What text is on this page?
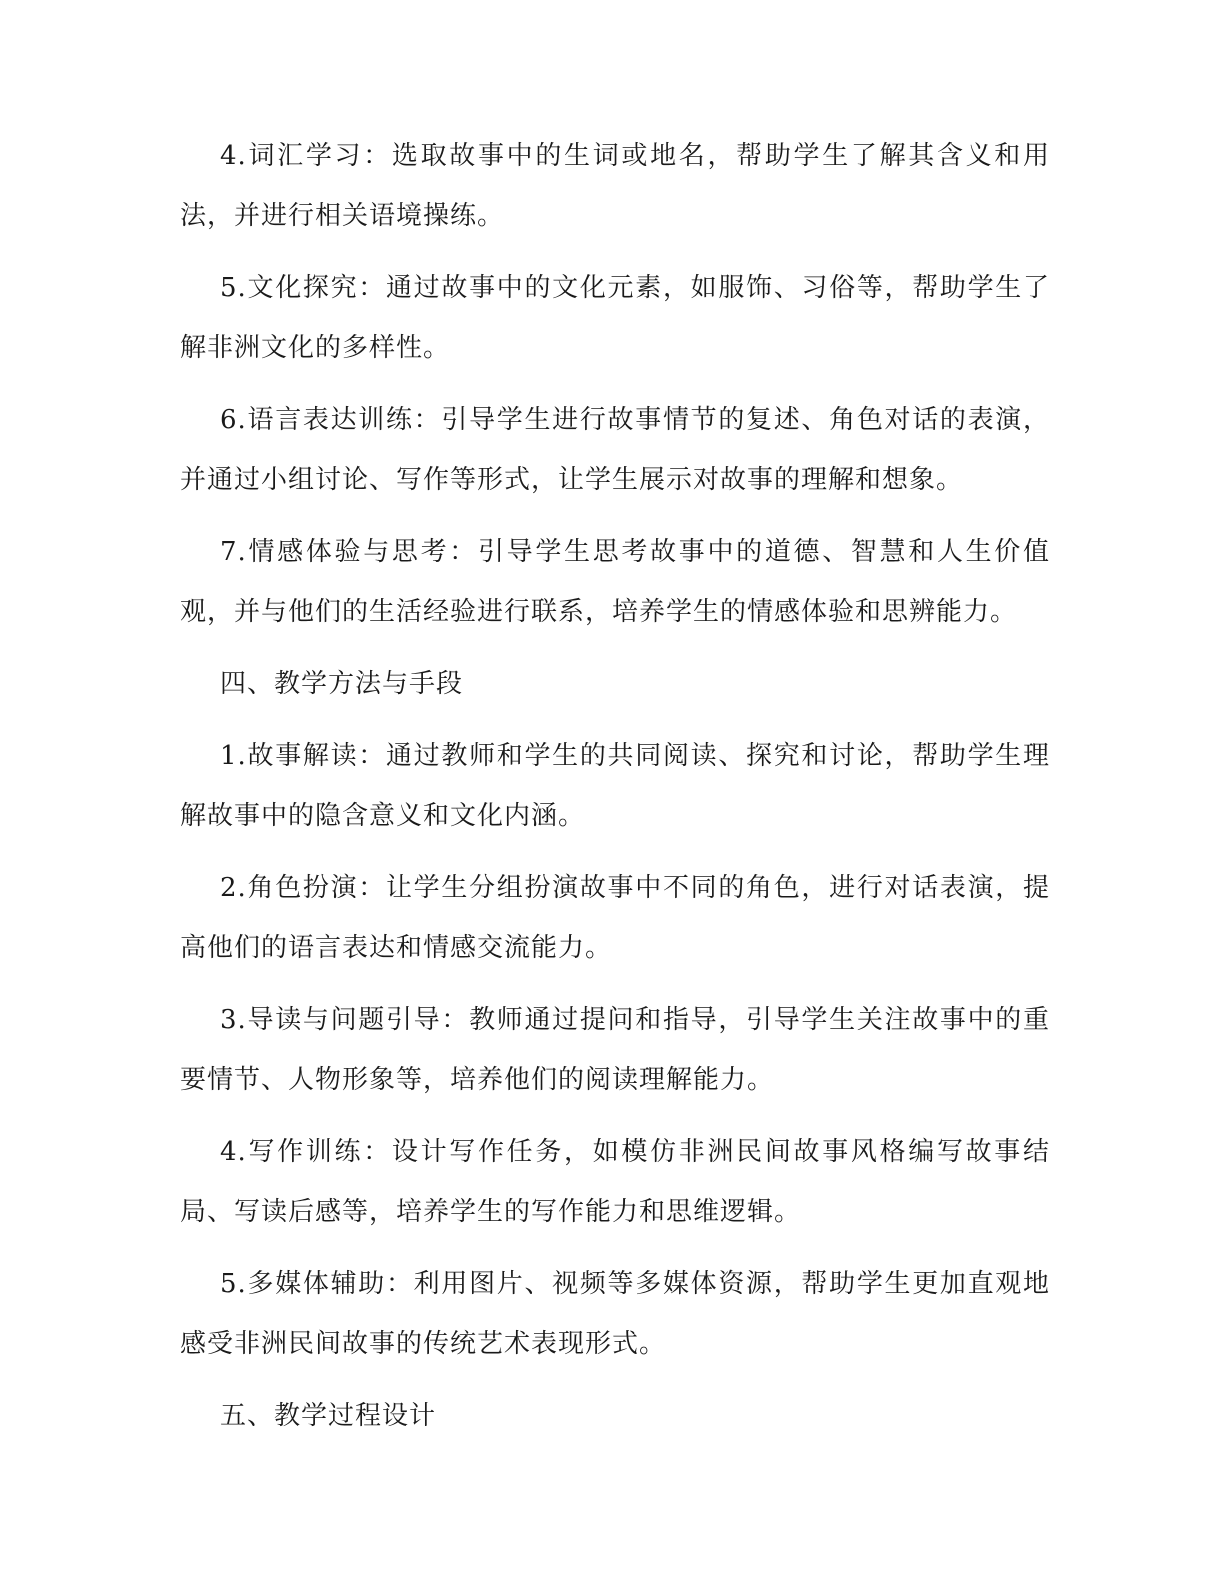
4.词汇学习：选取故事中的生词或地名，帮助学生了解其含义和用法，并进行相关语境操练。

5.文化探究：通过故事中的文化元素，如服饰、习俗等，帮助学生了解非洲文化的多样性。

6.语言表达训练：引导学生进行故事情节的复述、角色对话的表演，并通过小组讨论、写作等形式，让学生展示对故事的理解和想象。

7.情感体验与思考：引导学生思考故事中的道德、智慧和人生价值观，并与他们的生活经验进行联系，培养学生的情感体验和思辨能力。

四、教学方法与手段

1.故事解读：通过教师和学生的共同阅读、探究和讨论，帮助学生理解故事中的隐含意义和文化内涵。

2.角色扮演：让学生分组扮演故事中不同的角色，进行对话表演，提高他们的语言表达和情感交流能力。

3.导读与问题引导：教师通过提问和指导，引导学生关注故事中的重要情节、人物形象等，培养他们的阅读理解能力。

4.写作训练：设计写作任务，如模仿非洲民间故事风格编写故事结局、写读后感等，培养学生的写作能力和思维逻辑。

5.多媒体辅助：利用图片、视频等多媒体资源，帮助学生更加直观地感受非洲民间故事的传统艺术表现形式。

五、教学过程设计
